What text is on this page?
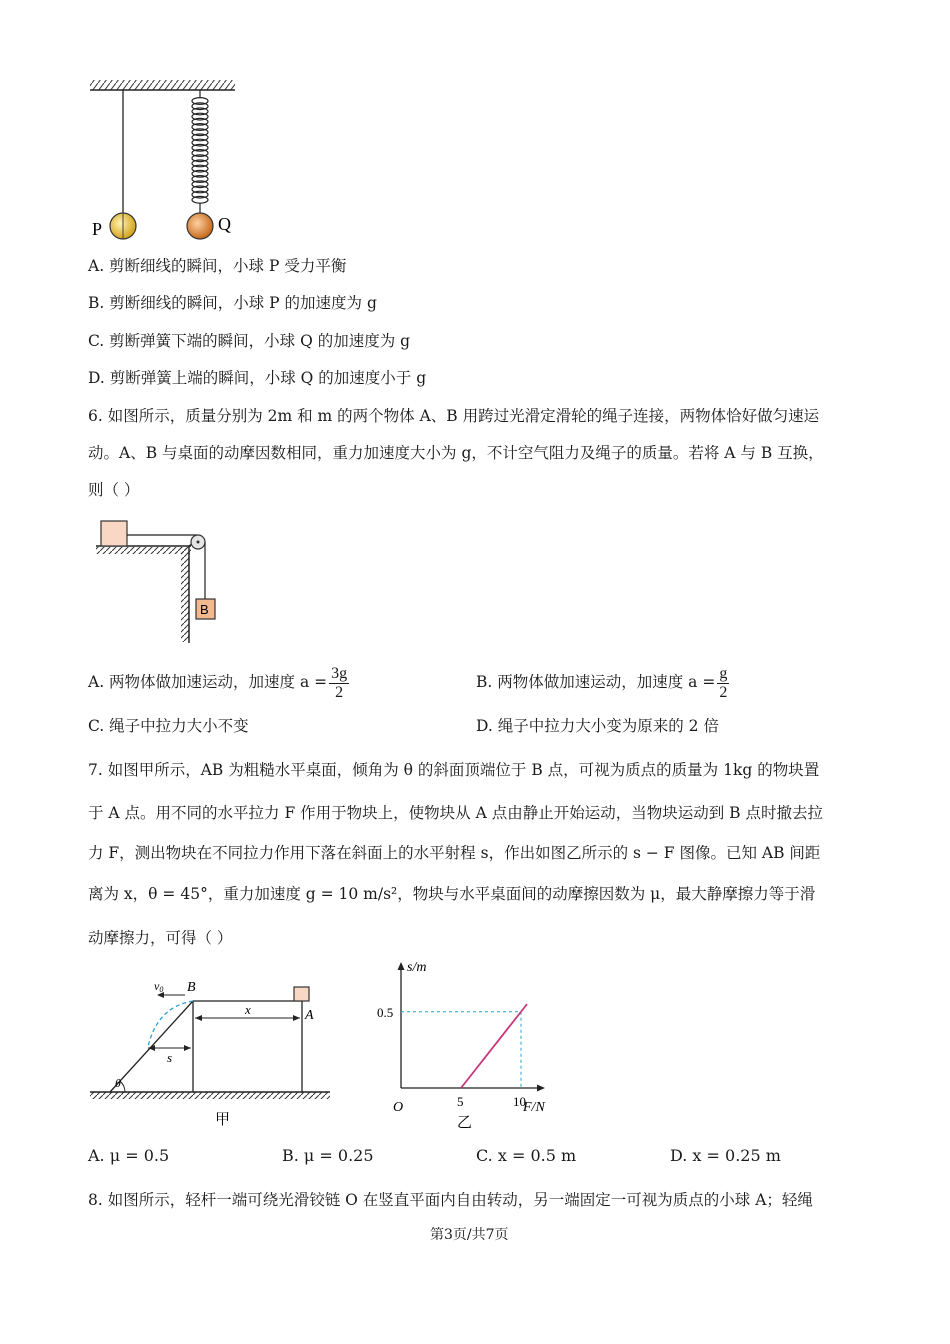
P	Q
A. 剪断细线的瞬间，小球 P 受力平衡
B. 剪断细线的瞬间，小球 P 的加速度为 g
C. 剪断弹簧下端的瞬间，小球 Q 的加速度为 g
D. 剪断弹簧上端的瞬间，小球 Q 的加速度小于 g
6. 如图所示，质量分别为 2m 和 m 的两个物体 A、B 用跨过光滑定滑轮的绳子连接，两物体恰好做匀速运
动。A、B 与桌面的动摩因数相同，重力加速度大小为 g，不计空气阻力及绳子的质量。若将 A 与 B 互换，
则（ ）
B
A. 两物体做加速运动，加速度 $a = \frac{3g}{2}$	B. 两物体做加速运动，加速度 $a = \frac{g}{2}$
C. 绳子中拉力大小不变	D. 绳子中拉力大小变为原来的 2 倍
7. 如图甲所示，AB 为粗糙水平桌面，倾角为 θ 的斜面顶端位于 B 点，可视为质点的质量为 1kg 的物块置
于 A 点。用不同的水平拉力 F 作用于物块上，使物块从 A 点由静止开始运动，当物块运动到 B 点时撤去拉
力 F，测出物块在不同拉力作用下落在斜面上的水平射程 s，作出如图乙所示的 s − F 图像。已知 AB 间距
离为 x，θ = 45°，重力加速度 g = 10 m/s²，物块与水平桌面间的动摩擦因数为 μ，最大静摩擦力等于滑
动摩擦力，可得（ ）
v0 B
A
x
s
θ
甲
s/m
F/N
O	5	10
0.5
乙
A. μ = 0.5	B. μ = 0.25	C. x = 0.5 m	D. x = 0.25 m
8. 如图所示，轻杆一端可绕光滑铰链 O 在竖直平面内自由转动，另一端固定一可视为质点的小球 A；轻绳
第3页/共7页
